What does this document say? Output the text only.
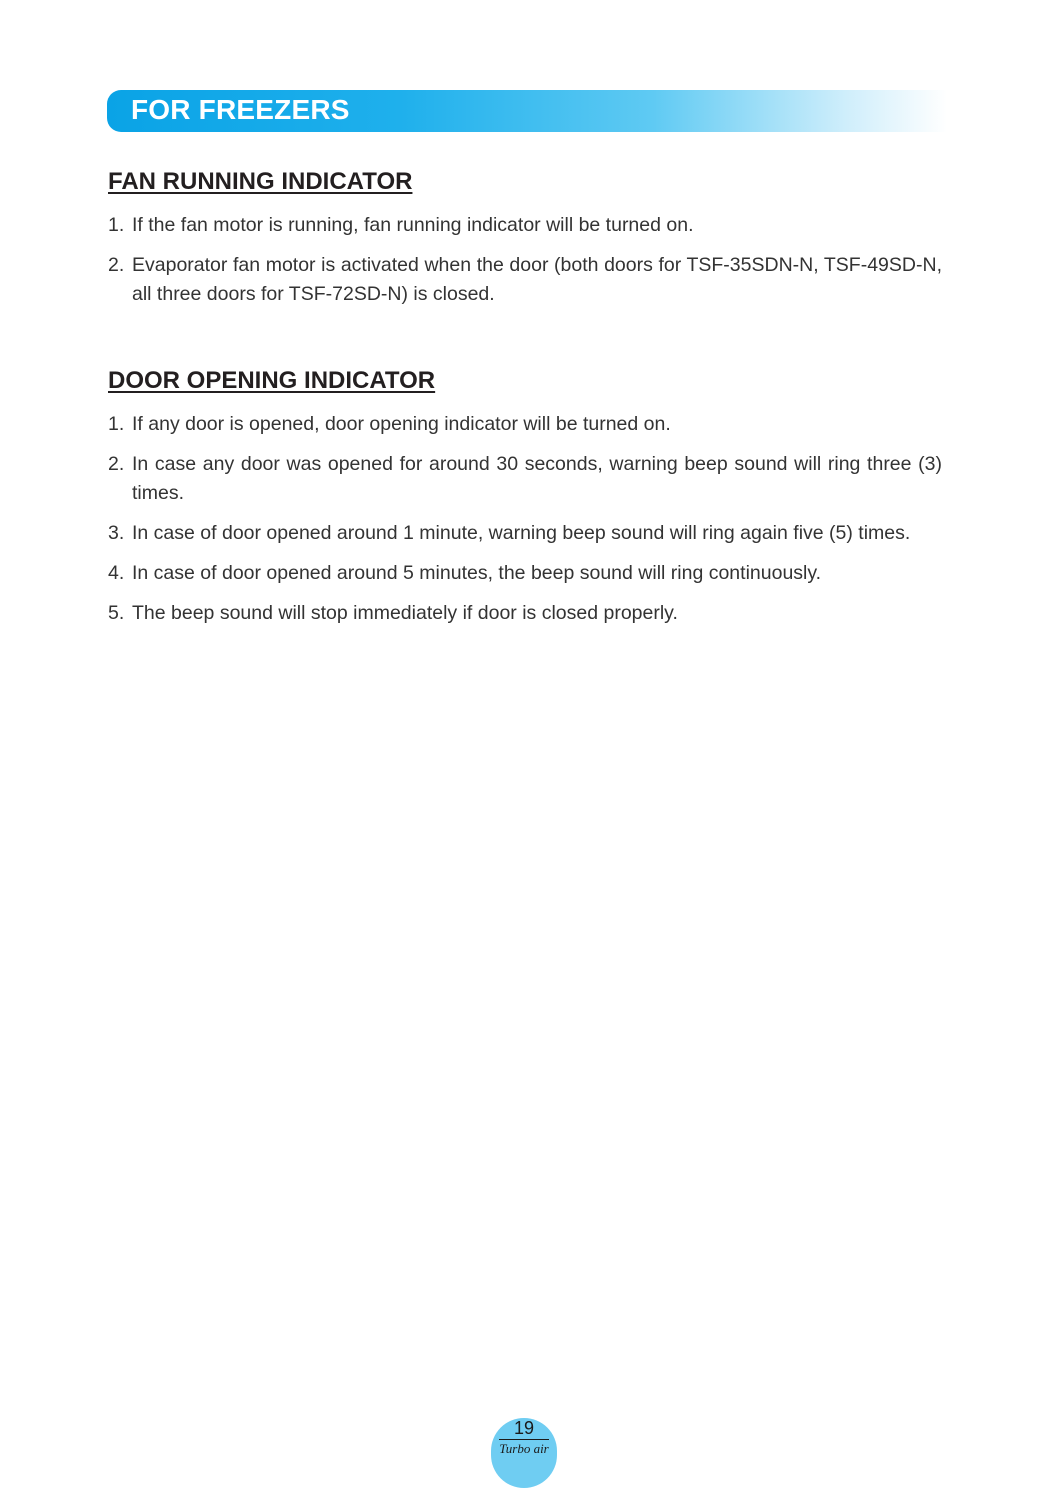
FOR FREEZERS
FAN RUNNING INDICATOR
1. If the fan motor is running, fan running indicator will be turned on.
2. Evaporator fan motor is activated when the door (both doors for TSF-35SDN-N, TSF-49SD-N, all three doors for TSF-72SD-N) is closed.
DOOR OPENING INDICATOR
1. If any door is opened, door opening indicator will be turned on.
2. In case any door was opened for around 30 seconds, warning beep sound will ring three (3) times.
3. In case of door opened around 1 minute, warning beep sound will ring again five (5) times.
4. In case of door opened around 5 minutes, the beep sound will ring continuously.
5. The beep sound will stop immediately if door is closed properly.
19
Turbo air
